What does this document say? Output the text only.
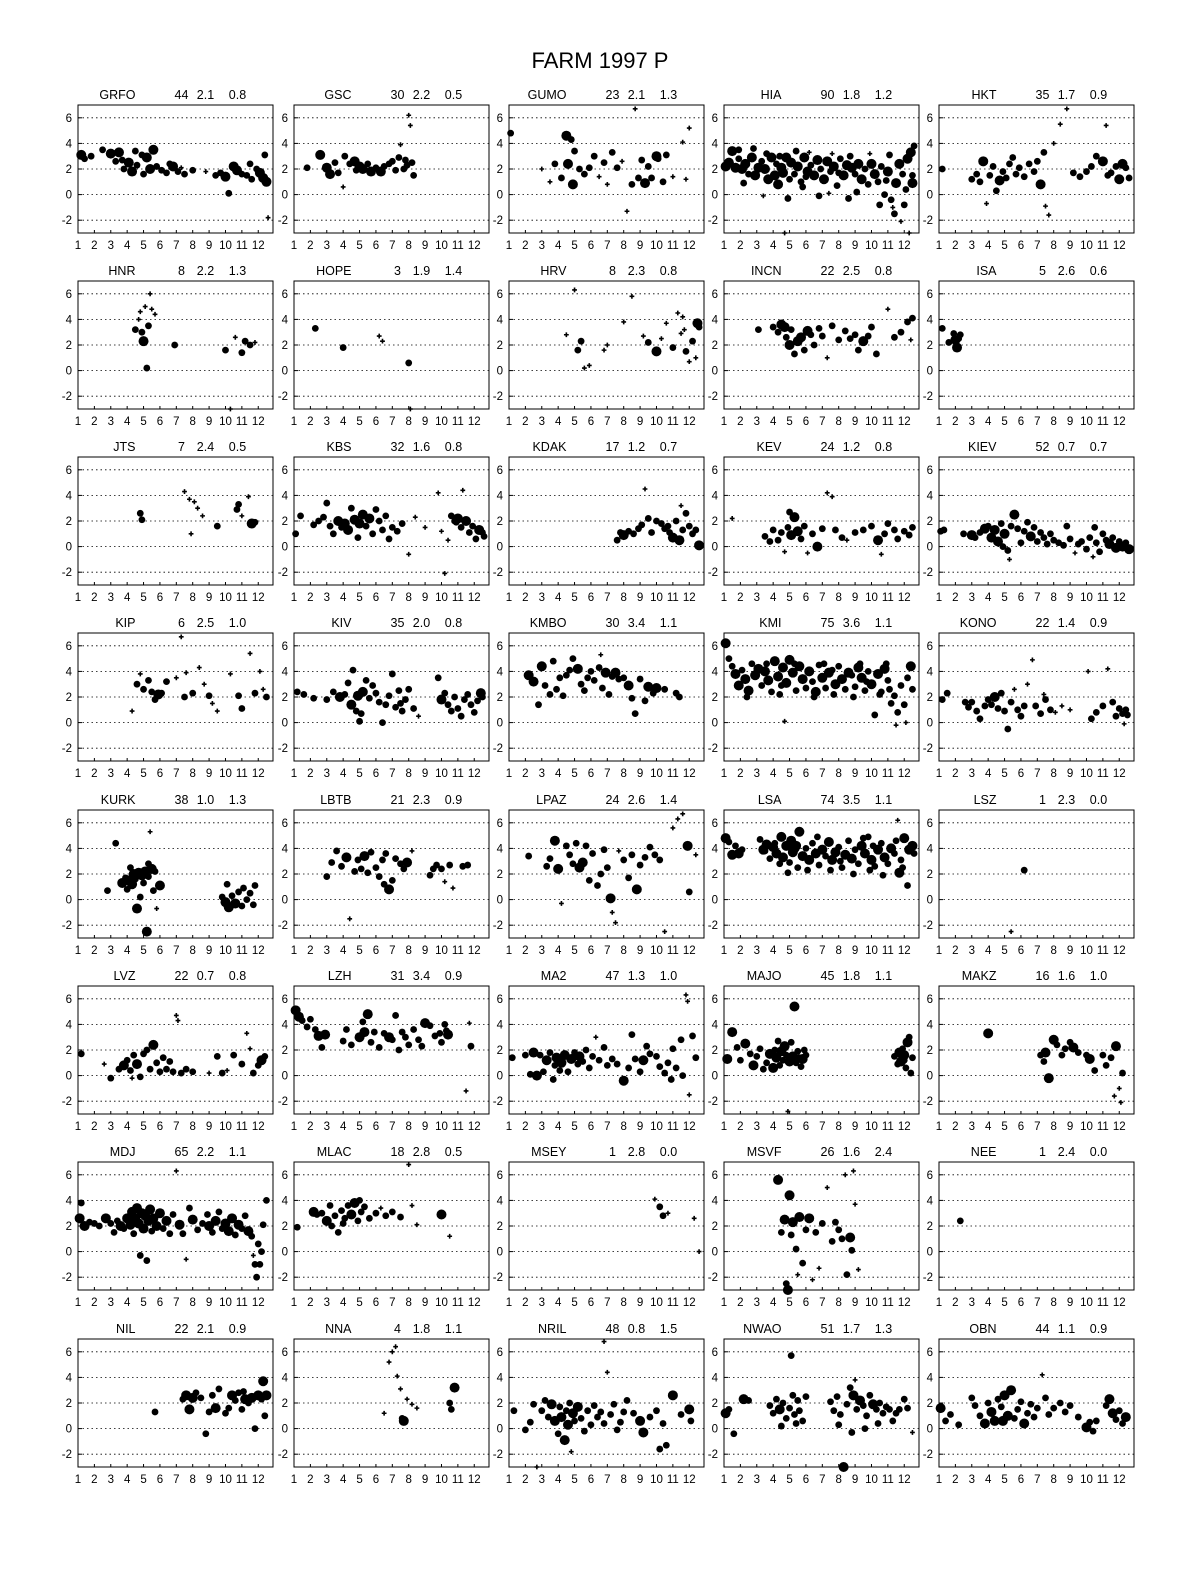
FARM 1997 P
GRFO	44 2.1 0.8
6
4
2
0
-2
1 2 3 4 5 6 7 8 9 10 11 12
GSC	30 2.2 0.5
6
4
2
0
-2
1 2 3 4 5 6 7 8 9 10 11 12
GUMO	23 2.1 1.3
6
4
2
0
-2
1 2 3 4 5 6 7 8 9 10 11 12
HIA	90 1.8 1.2
6
4
2
0
-2
1 2 3 4 5 6 7 8 9 10 11 12
HKT	35 1.7 0.9
6
4
2
0
-2
1 2 3 4 5 6 7 8 9 10 11 12
HNR	8 2.2 1.3
6
4
2
0
-2
1 2 3 4 5 6 7 8 9 10 11 12
HOPE	3 1.9 1.4
6
4
2
0
-2
1 2 3 4 5 6 7 8 9 10 11 12
HRV	8 2.3 0.8
6
4
2
0
-2
1 2 3 4 5 6 7 8 9 10 11 12
INCN	22 2.5 0.8
6
4
2
0
-2
1 2 3 4 5 6 7 8 9 10 11 12
ISA	5 2.6 0.6
6
4
2
0
-2
1 2 3 4 5 6 7 8 9 10 11 12
JTS	7 2.4 0.5
6
4
2
0
-2
1 2 3 4 5 6 7 8 9 10 11 12
KBS	32 1.6 0.8
6
4
2
0
-2
1 2 3 4 5 6 7 8 9 10 11 12
KDAK	17 1.2 0.7
6
4
2
0
-2
1 2 3 4 5 6 7 8 9 10 11 12
KEV	24 1.2 0.8
6
4
2
0
-2
1 2 3 4 5 6 7 8 9 10 11 12
KIEV	52 0.7 0.7
6
4
2
0
-2
1 2 3 4 5 6 7 8 9 10 11 12
KIP	6 2.5 1.0
6
4
2
0
-2
1 2 3 4 5 6 7 8 9 10 11 12
KIV	35 2.0 0.8
6
4
2
0
-2
1 2 3 4 5 6 7 8 9 10 11 12
KMBO	30 3.4 1.1
6
4
2
0
-2
1 2 3 4 5 6 7 8 9 10 11 12
KMI	75 3.6 1.1
6
4
2
0
-2
1 2 3 4 5 6 7 8 9 10 11 12
KONO	22 1.4 0.9
6
4
2
0
-2
1 2 3 4 5 6 7 8 9 10 11 12
KURK	38 1.0 1.3
6
4
2
0
-2
1 2 3 4 5 6 7 8 9 10 11 12
LBTB	21 2.3 0.9
6
4
2
0
-2
1 2 3 4 5 6 7 8 9 10 11 12
LPAZ	24 2.6 1.4
6
4
2
0
-2
1 2 3 4 5 6 7 8 9 10 11 12
LSA	74 3.5 1.1
6
4
2
0
-2
1 2 3 4 5 6 7 8 9 10 11 12
LSZ	1 2.3 0.0
6
4
2
0
-2
1 2 3 4 5 6 7 8 9 10 11 12
LVZ	22 0.7 0.8
6
4
2
0
-2
1 2 3 4 5 6 7 8 9 10 11 12
LZH	31 3.4 0.9
6
4
2
0
-2
1 2 3 4 5 6 7 8 9 10 11 12
MA2	47 1.3 1.0
6
4
2
0
-2
1 2 3 4 5 6 7 8 9 10 11 12
MAJO	45 1.8 1.1
6
4
2
0
-2
1 2 3 4 5 6 7 8 9 10 11 12
MAKZ	16 1.6 1.0
6
4
2
0
-2
1 2 3 4 5 6 7 8 9 10 11 12
MDJ	65 2.2 1.1
6
4
2
0
-2
1 2 3 4 5 6 7 8 9 10 11 12
MLAC	18 2.8 0.5
6
4
2
0
-2
1 2 3 4 5 6 7 8 9 10 11 12
MSEY	1 2.8 0.0
6
4
2
0
-2
1 2 3 4 5 6 7 8 9 10 11 12
MSVF	26 1.6 2.4
6
4
2
0
-2
1 2 3 4 5 6 7 8 9 10 11 12
NEE	1 2.4 0.0
6
4
2
0
-2
1 2 3 4 5 6 7 8 9 10 11 12
NIL	22 2.1 0.9
6
4
2
0
-2
1 2 3 4 5 6 7 8 9 10 11 12
NNA	4 1.8 1.1
6
4
2
0
-2
1 2 3 4 5 6 7 8 9 10 11 12
NRIL	48 0.8 1.5
6
4
2
0
-2
1 2 3 4 5 6 7 8 9 10 11 12
NWAO	51 1.7 1.3
6
4
2
0
-2
1 2 3 4 5 6 7 8 9 10 11 12
OBN	44 1.1 0.9
6
4
2
0
-2
1 2 3 4 5 6 7 8 9 10 11 12
